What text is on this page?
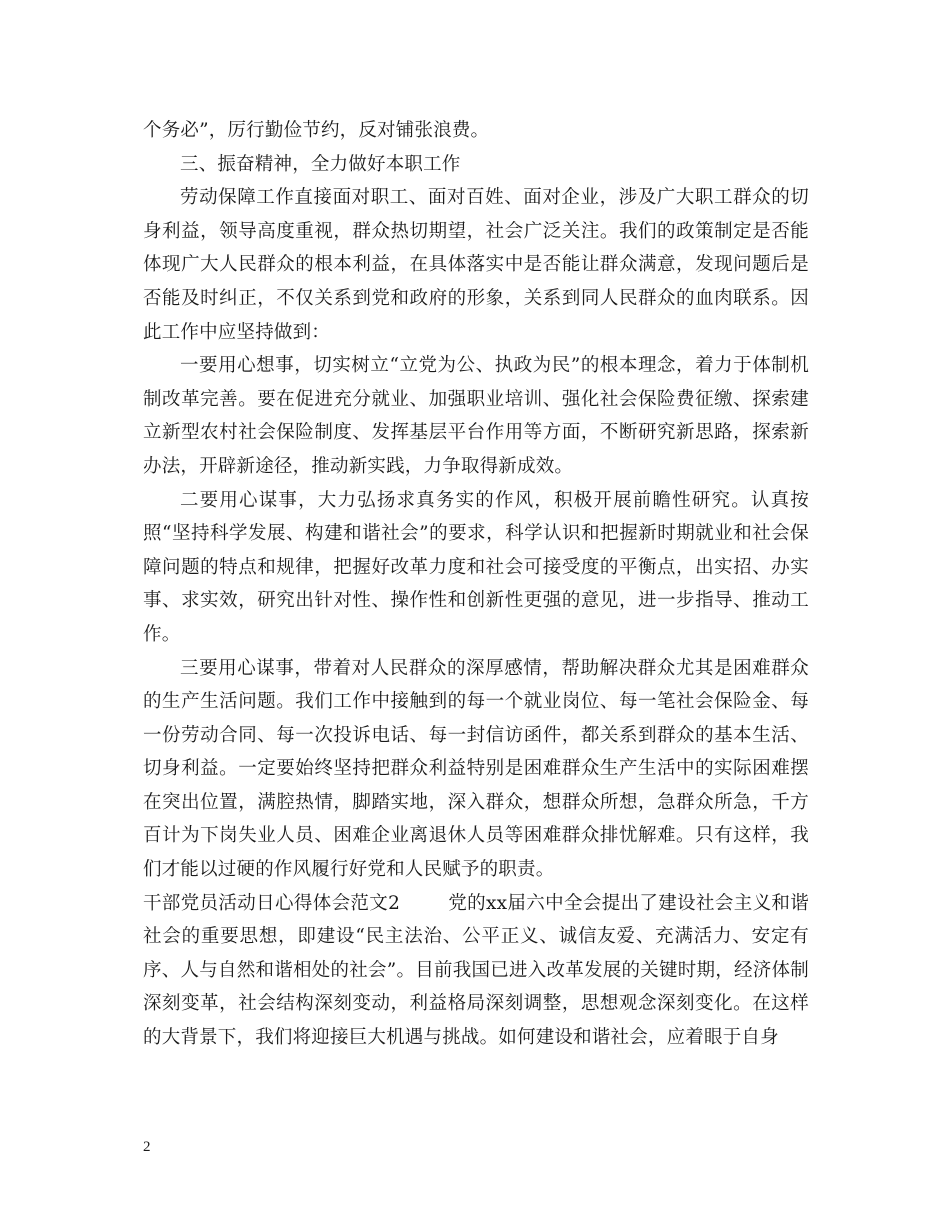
个务必”，厉行勤俭节约，反对铺张浪费。

三、振奋精神，全力做好本职工作

劳动保障工作直接面对职工、面对百姓、面对企业，涉及广大职工群众的切身利益，领导高度重视，群众热切期望，社会广泛关注。我们的政策制定是否能体现广大人民群众的根本利益，在具体落实中是否能让群众满意，发现问题后是否能及时纠正，不仅关系到党和政府的形象，关系到同人民群众的血肉联系。因此工作中应坚持做到：

一要用心想事，切实树立“立党为公、执政为民”的根本理念，着力于体制机制改革完善。要在促进充分就业、加强职业培训、强化社会保险费征缴、探索建立新型农村社会保险制度、发挥基层平台作用等方面，不断研究新思路，探索新办法，开辟新途径，推动新实践，力争取得新成效。

二要用心谋事，大力弘扬求真务实的作风，积极开展前瞻性研究。认真按照“坚持科学发展、构建和谐社会”的要求，科学认识和把握新时期就业和社会保障问题的特点和规律，把握好改革力度和社会可接受度的平衡点，出实招、办实事、求实效，研究出针对性、操作性和创新性更强的意见，进一步指导、推动工作。

三要用心谋事，带着对人民群众的深厚感情，帮助解决群众尤其是困难群众的生产生活问题。我们工作中接触到的每一个就业岗位、每一笔社会保险金、每一份劳动合同、每一次投诉电话、每一封信访函件，都关系到群众的基本生活、切身利益。一定要始终坚持把群众利益特别是困难群众生产生活中的实际困难摆在突出位置，满腔热情，脚踏实地，深入群众，想群众所想，急群众所急，千方百计为下岗失业人员、困难企业离退休人员等困难群众排忧解难。只有这样，我们才能以过硬的作风履行好党和人民赋予的职责。

干部党员活动日心得体会范文2	党的xx届六中全会提出了建设社会主义和谐社会的重要思想，即建设“民主法治、公平正义、诚信友爱、充满活力、安定有序、人与自然和谐相处的社会”。目前我国已进入改革发展的关键时期，经济体制深刻变革，社会结构深刻变动，利益格局深刻调整，思想观念深刻变化。在这样的大背景下，我们将迎接巨大机遇与挑战。如何建设和谐社会，应着眼于自身

2
